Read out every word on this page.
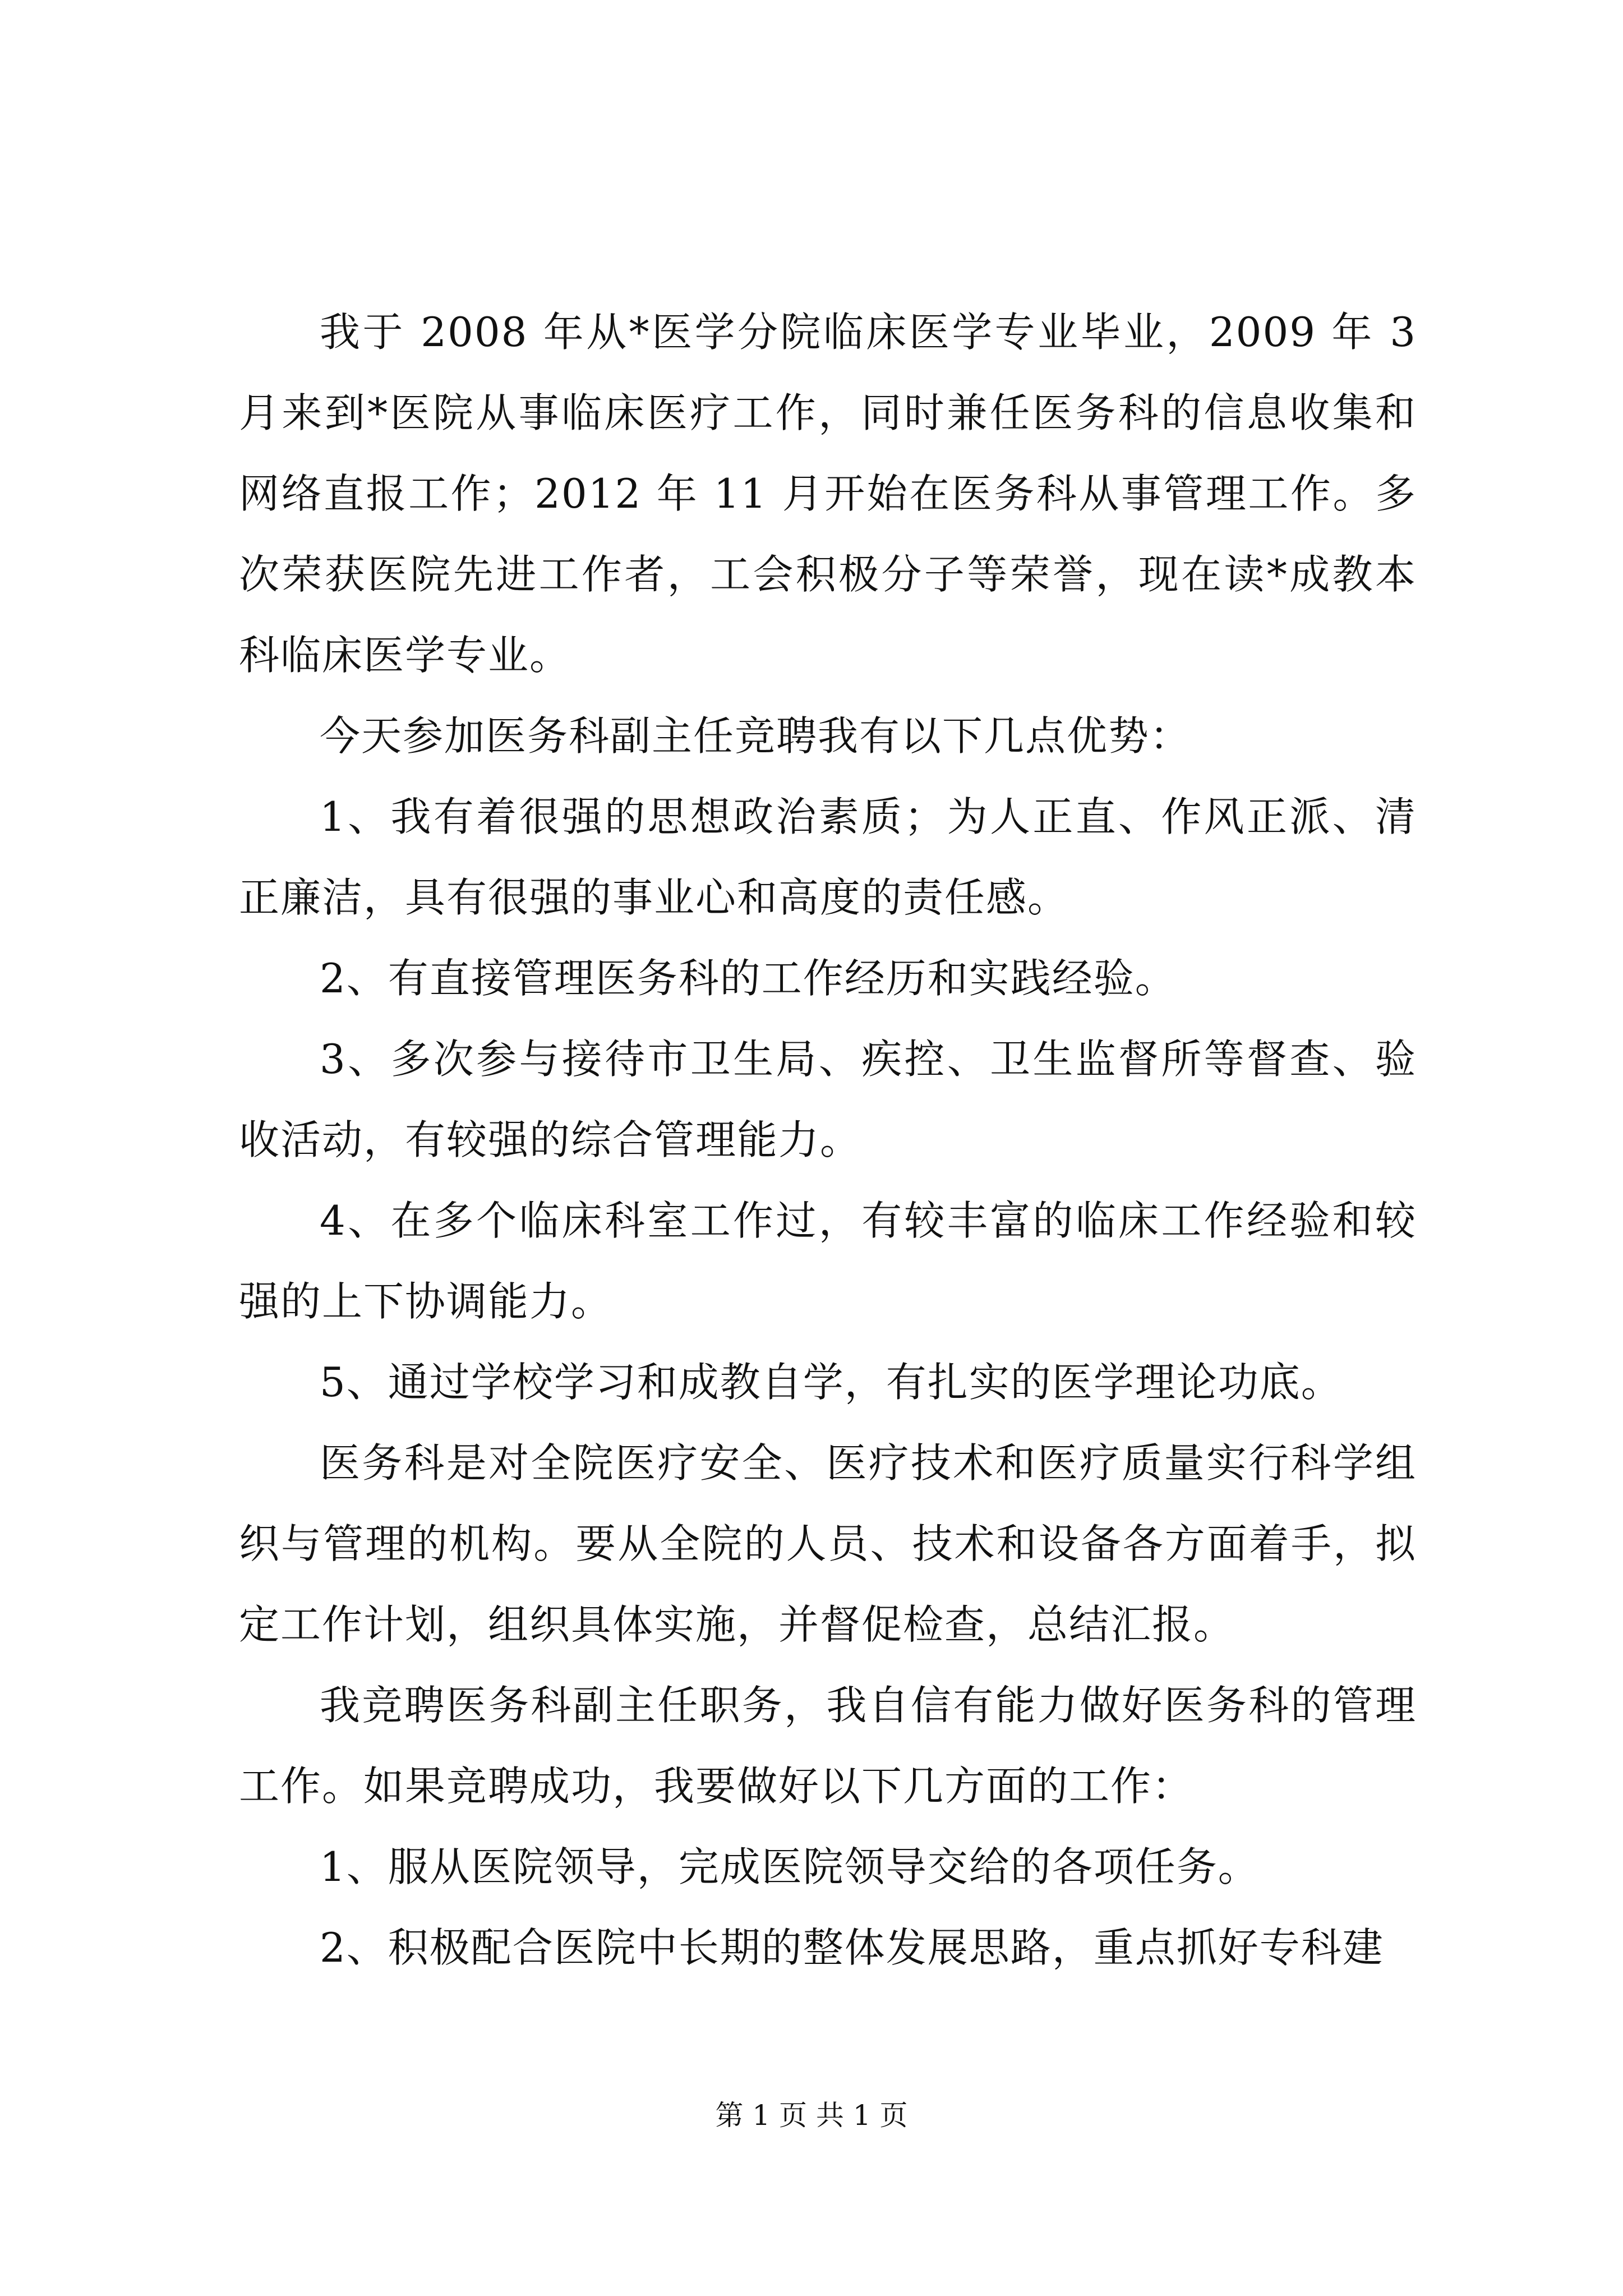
我于 2008 年从*医学分院临床医学专业毕业，2009 年 3 月来到*医院从事临床医疗工作，同时兼任医务科的信息收集和网络直报工作；2012 年 11 月开始在医务科从事管理工作。多次荣获医院先进工作者，工会积极分子等荣誉，现在读*成教本科临床医学专业。

今天参加医务科副主任竞聘我有以下几点优势：

1、我有着很强的思想政治素质；为人正直、作风正派、清正廉洁，具有很强的事业心和高度的责任感。

2、有直接管理医务科的工作经历和实践经验。

3、多次参与接待市卫生局、疾控、卫生监督所等督查、验收活动，有较强的综合管理能力。

4、在多个临床科室工作过，有较丰富的临床工作经验和较强的上下协调能力。

5、通过学校学习和成教自学，有扎实的医学理论功底。

医务科是对全院医疗安全、医疗技术和医疗质量实行科学组织与管理的机构。要从全院的人员、技术和设备各方面着手，拟定工作计划，组织具体实施，并督促检查，总结汇报。

我竞聘医务科副主任职务，我自信有能力做好医务科的管理工作。如果竞聘成功，我要做好以下几方面的工作：

1、服从医院领导，完成医院领导交给的各项任务。

2、积极配合医院中长期的整体发展思路，重点抓好专科建

第 1 页 共 1 页
